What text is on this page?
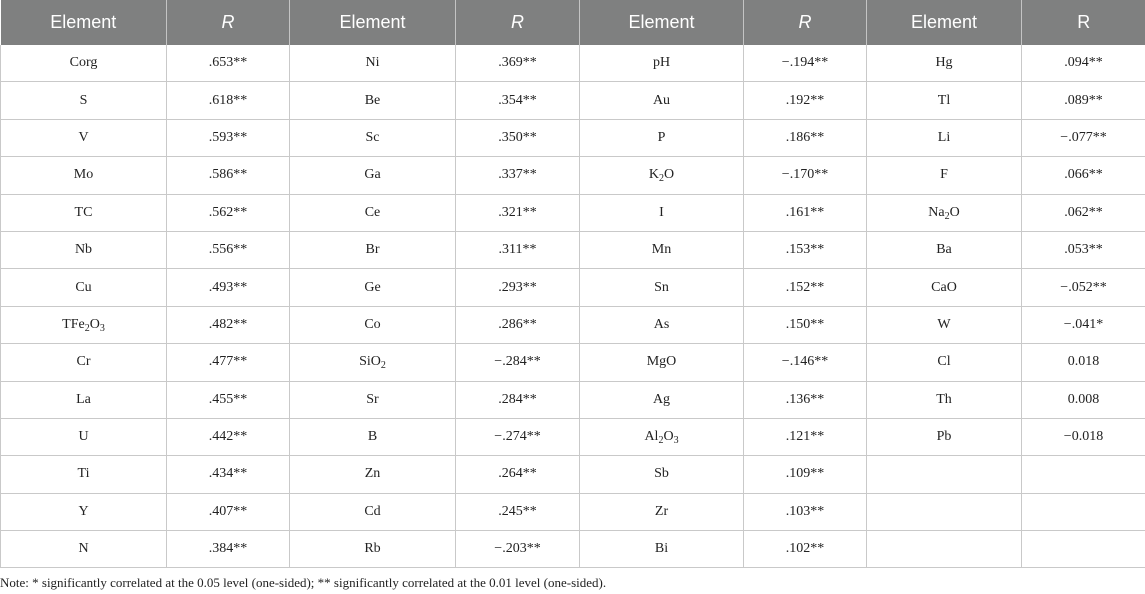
Element	R	Element	R	Element	R	Element	R
Corg	.653**	Ni	.369**	pH	−.194**	Hg	.094**
S	.618**	Be	.354**	Au	.192**	Tl	.089**
V	.593**	Sc	.350**	P	.186**	Li	−.077**
Mo	.586**	Ga	.337**	$K_2O$	−.170**	F	.066**
TC	.562**	Ce	.321**	I	.161**	$Na_2O$	.062**
Nb	.556**	Br	.311**	Mn	.153**	Ba	.053**
Cu	.493**	Ge	.293**	Sn	.152**	CaO	−.052**
$TFe_2O_3$	.482**	Co	.286**	As	.150**	W	−.041*
Cr	.477**	SiO$_2$	−.284**	MgO	−.146**	Cl	0.018
La	.455**	Sr	.284**	Ag	.136**	Th	0.008
U	.442**	B	−.274**	$Al_2O_3$	.121**	Pb	−0.018
Ti	.434**	Zn	.264**	Sb	.109**		
Y	.407**	Cd	.245**	Zr	.103**		
N	.384**	Rb	−.203**	Bi	.102**		

Note: * significantly correlated at the 0.05 level (one-sided); ** significantly correlated at the 0.01 level (one-sided).
